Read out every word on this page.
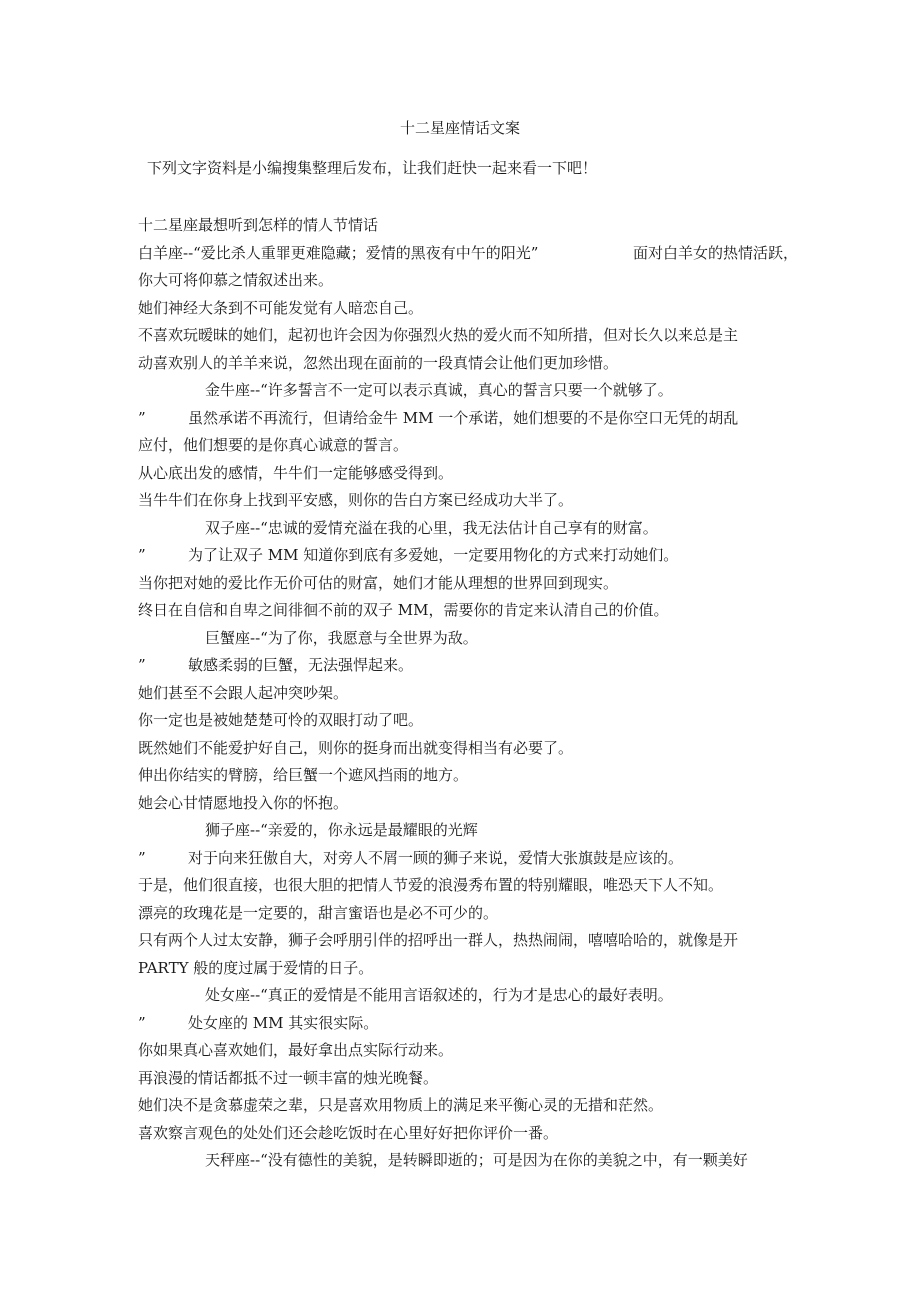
十二星座情话文案
下列文字资料是小编搜集整理后发布，让我们赶快一起来看一下吧！
十二星座最想听到怎样的情人节情话
白羊座--“爱比杀人重罪更难隐藏；爱情的黑夜有中午的阳光”	面对白羊女的热情活跃，
你大可将仰慕之情叙述出来。
她们神经大条到不可能发觉有人暗恋自己。
不喜欢玩暧昧的她们，起初也许会因为你强烈火热的爱火而不知所措，但对长久以来总是主
动喜欢别人的羊羊来说，忽然出现在面前的一段真情会让他们更加珍惜。
金牛座--“许多誓言不一定可以表示真诚，真心的誓言只要一个就够了。
”	虽然承诺不再流行，但请给金牛 MM 一个承诺，她们想要的不是你空口无凭的胡乱
应付，他们想要的是你真心诚意的誓言。
从心底出发的感情，牛牛们一定能够感受得到。
当牛牛们在你身上找到平安感，则你的告白方案已经成功大半了。
双子座--“忠诚的爱情充溢在我的心里，我无法估计自己享有的财富。
”	为了让双子 MM 知道你到底有多爱她，一定要用物化的方式来打动她们。
当你把对她的爱比作无价可估的财富，她们才能从理想的世界回到现实。
终日在自信和自卑之间徘徊不前的双子 MM，需要你的肯定来认清自己的价值。
巨蟹座--“为了你，我愿意与全世界为敌。
”	敏感柔弱的巨蟹，无法强悍起来。
她们甚至不会跟人起冲突吵架。
你一定也是被她楚楚可怜的双眼打动了吧。
既然她们不能爱护好自己，则你的挺身而出就变得相当有必要了。
伸出你结实的臂膀，给巨蟹一个遮风挡雨的地方。
她会心甘情愿地投入你的怀抱。
狮子座--“亲爱的，你永远是最耀眼的光辉
”	对于向来狂傲自大，对旁人不屑一顾的狮子来说，爱情大张旗鼓是应该的。
于是，他们很直接，也很大胆的把情人节爱的浪漫秀布置的特别耀眼，唯恐天下人不知。
漂亮的玫瑰花是一定要的，甜言蜜语也是必不可少的。
只有两个人过太安静，狮子会呼朋引伴的招呼出一群人，热热闹闹，嘻嘻哈哈的，就像是开
PARTY 般的度过属于爱情的日子。
处女座--“真正的爱情是不能用言语叙述的，行为才是忠心的最好表明。
”	处女座的 MM 其实很实际。
你如果真心喜欢她们，最好拿出点实际行动来。
再浪漫的情话都抵不过一顿丰富的烛光晚餐。
她们决不是贪慕虚荣之辈，只是喜欢用物质上的满足来平衡心灵的无措和茫然。
喜欢察言观色的处处们还会趁吃饭时在心里好好把你评价一番。
天秤座--“没有德性的美貌，是转瞬即逝的；可是因为在你的美貌之中，有一颗美好
